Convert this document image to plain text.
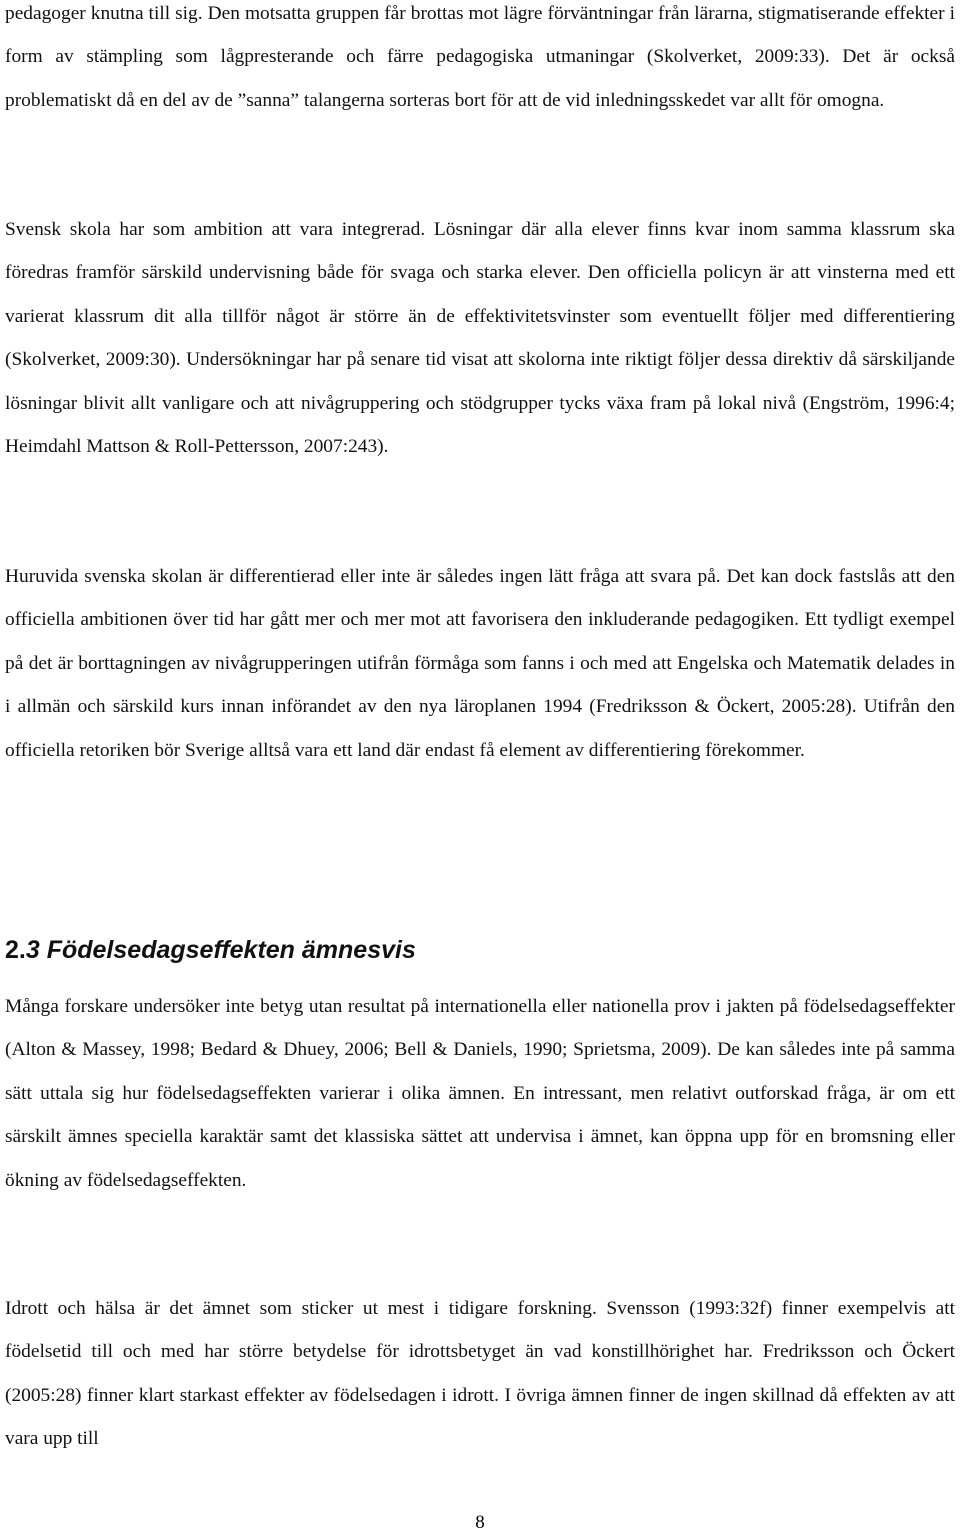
pedagoger knutna till sig. Den motsatta gruppen får brottas mot lägre förväntningar från lärarna, stigmatiserande effekter i form av stämpling som lågpresterande och färre pedagogiska utmaningar (Skolverket, 2009:33). Det är också problematiskt då en del av de ”sanna” talangerna sorteras bort för att de vid inledningsskedet var allt för omogna.

Svensk skola har som ambition att vara integrerad. Lösningar där alla elever finns kvar inom samma klassrum ska föredras framför särskild undervisning både för svaga och starka elever. Den officiella policyn är att vinsterna med ett varierat klassrum dit alla tillför något är större än de effektivitetsvinster som eventuellt följer med differentiering (Skolverket, 2009:30). Undersökningar har på senare tid visat att skolorna inte riktigt följer dessa direktiv då särskiljande lösningar blivit allt vanligare och att nivågruppering och stödgrupper tycks växa fram på lokal nivå (Engström, 1996:4; Heimdahl Mattson & Roll-Pettersson, 2007:243).

Huruvida svenska skolan är differentierad eller inte är således ingen lätt fråga att svara på. Det kan dock fastslås att den officiella ambitionen över tid har gått mer och mer mot att favorisera den inkluderande pedagogiken. Ett tydligt exempel på det är borttagningen av nivågrupperingen utifrån förmåga som fanns i och med att Engelska och Matematik delades in i allmän och särskild kurs innan införandet av den nya läroplanen 1994 (Fredriksson & Öckert, 2005:28). Utifrån den officiella retoriken bör Sverige alltså vara ett land där endast få element av differentiering förekommer.

2.3 Födelsedagseffekten ämnesvis

Många forskare undersöker inte betyg utan resultat på internationella eller nationella prov i jakten på födelsedagseffekter (Alton & Massey, 1998; Bedard & Dhuey, 2006; Bell & Daniels, 1990; Sprietsma, 2009). De kan således inte på samma sätt uttala sig hur födelsedagseffekten varierar i olika ämnen. En intressant, men relativt outforskad fråga, är om ett särskilt ämnes speciella karaktär samt det klassiska sättet att undervisa i ämnet, kan öppna upp för en bromsning eller ökning av födelsedagseffekten.

Idrott och hälsa är det ämnet som sticker ut mest i tidigare forskning. Svensson (1993:32f) finner exempelvis att födelsetid till och med har större betydelse för idrottsbetyget än vad konstillhörighet har. Fredriksson och Öckert (2005:28) finner klart starkast effekter av födelsedagen i idrott. I övriga ämnen finner de ingen skillnad då effekten av att vara upp till

8
